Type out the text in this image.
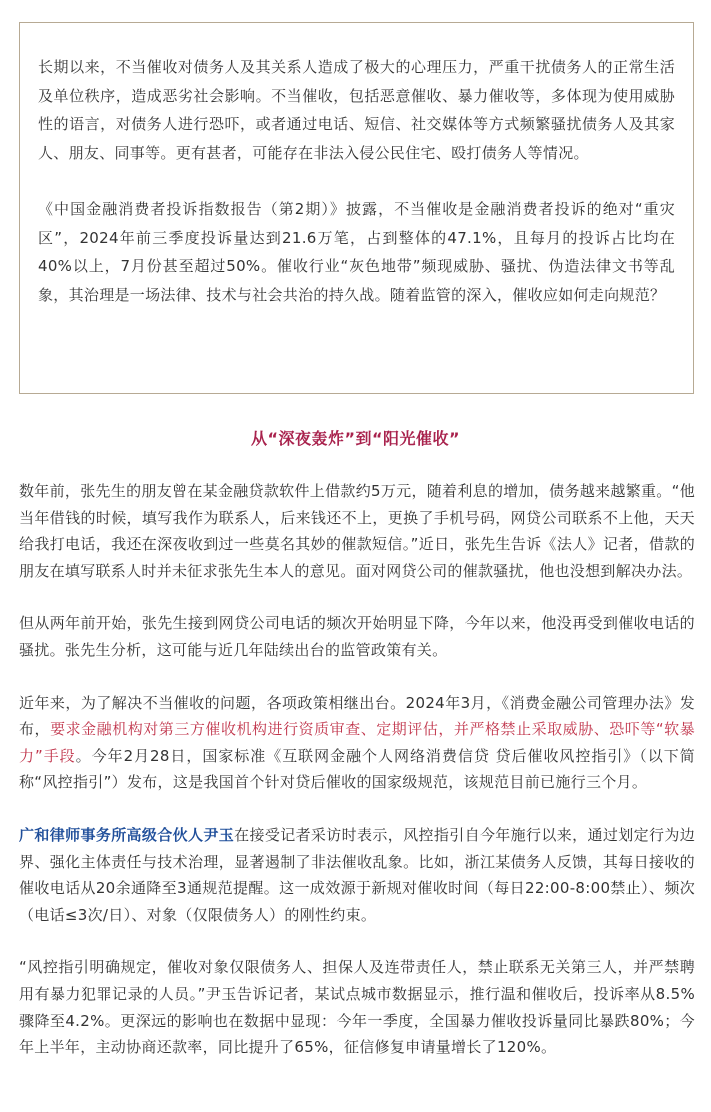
长期以来，不当催收对债务人及其关系人造成了极大的心理压力，严重干扰债务人的正常生活及单位秩序，造成恶劣社会影响。不当催收，包括恶意催收、暴力催收等，多体现为使用威胁性的语言，对债务人进行恐吓，或者通过电话、短信、社交媒体等方式频繁骚扰债务人及其家人、朋友、同事等。更有甚者，可能存在非法入侵公民住宅、殴打债务人等情况。

《中国金融消费者投诉指数报告（第2期）》披露，不当催收是金融消费者投诉的绝对“重灾区”，2024年前三季度投诉量达到21.6万笔，占到整体的47.1%，且每月的投诉占比均在40%以上，7月份甚至超过50%。催收行业“灰色地带”频现威胁、骚扰、伪造法律文书等乱象，其治理是一场法律、技术与社会共治的持久战。随着监管的深入，催收应如何走向规范？

从“深夜轰炸”到“阳光催收”

数年前，张先生的朋友曾在某金融贷款软件上借款约5万元，随着利息的增加，债务越来越繁重。“他当年借钱的时候，填写我作为联系人，后来钱还不上，更换了手机号码，网贷公司联系不上他，天天给我打电话，我还在深夜收到过一些莫名其妙的催款短信。”近日，张先生告诉《法人》记者，借款的朋友在填写联系人时并未征求张先生本人的意见。面对网贷公司的催款骚扰，他也没想到解决办法。

但从两年前开始，张先生接到网贷公司电话的频次开始明显下降，今年以来，他没再受到催收电话的骚扰。张先生分析，这可能与近几年陆续出台的监管政策有关。

近年来，为了解决不当催收的问题，各项政策相继出台。2024年3月，《消费金融公司管理办法》发布，要求金融机构对第三方催收机构进行资质审查、定期评估，并严格禁止采取威胁、恐吓等“软暴力”手段。今年2月28日，国家标准《互联网金融个人网络消费信贷 贷后催收风控指引》（以下简称“风控指引”）发布，这是我国首个针对贷后催收的国家级规范，该规范目前已施行三个月。

广和律师事务所高级合伙人尹玉在接受记者采访时表示，风控指引自今年施行以来，通过划定行为边界、强化主体责任与技术治理，显著遏制了非法催收乱象。比如，浙江某债务人反馈，其每日接收的催收电话从20余通降至3通规范提醒。这一成效源于新规对催收时间（每日22:00-8:00禁止）、频次（电话≤3次/日）、对象（仅限债务人）的刚性约束。

“风控指引明确规定，催收对象仅限债务人、担保人及连带责任人，禁止联系无关第三人，并严禁聘用有暴力犯罪记录的人员。”尹玉告诉记者，某试点城市数据显示，推行温和催收后，投诉率从8.5%骤降至4.2%。更深远的影响也在数据中显现：今年一季度，全国暴力催收投诉量同比暴跌80%；今年上半年，主动协商还款率，同比提升了65%，征信修复申请量增长了120%。
